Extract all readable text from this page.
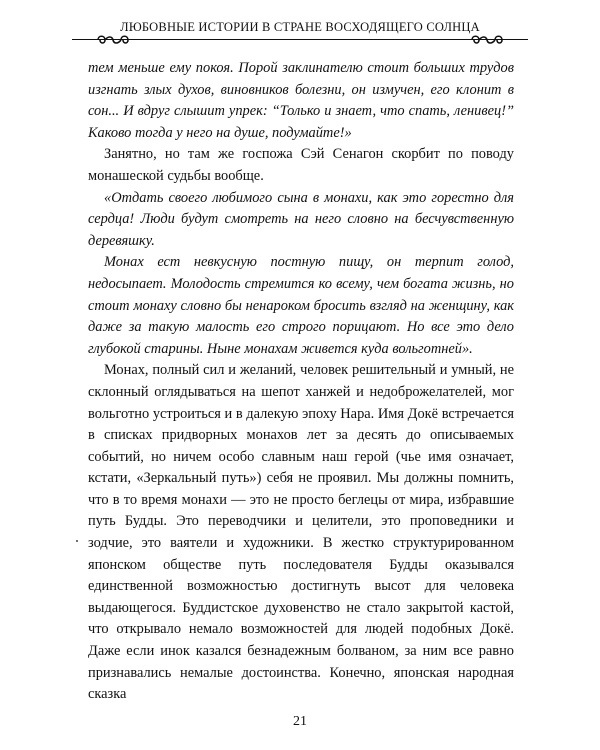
ЛЮБОВНЫЕ ИСТОРИИ В СТРАНЕ ВОСХОДЯЩЕГО СОЛНЦА

тем меньше ему покоя. Порой заклинателю стоит больших трудов изгнать злых духов, виновников болезни, он измучен, его клонит в сон... И вдруг слышит упрек: “Только и знает, что спать, ленивец!” Каково тогда у него на душе, подумайте!»

Занятно, но там же госпожа Сэй Сенагон скорбит по поводу монашеской судьбы вообще.

«Отдать своего любимого сына в монахи, как это горестно для сердца! Люди будут смотреть на него словно на бесчувственную деревяшку.

Монах ест невкусную постную пищу, он терпит голод, недосыпает. Молодость стремится ко всему, чем богата жизнь, но стоит монаху словно бы ненароком бросить взгляд на женщину, как даже за такую малость его строго порицают. Но все это дело глубокой старины. Ныне монахам живется куда вольготней».

Монах, полный сил и желаний, человек решительный и умный, не склонный оглядываться на шепот ханжей и недоброжелателей, мог вольготно устроиться и в далекую эпоху Нара. Имя Докё встречается в списках придворных монахов лет за десять до описываемых событий, но ничем особо славным наш герой (чье имя означает, кстати, «Зеркальный путь») себя не проявил. Мы должны помнить, что в то время монахи — это не просто беглецы от мира, избравшие путь Будды. Это переводчики и целители, это проповедники и зодчие, это ваятели и художники. В жестко структурированном японском обществе путь последователя Будды оказывался единственной возможностью достигнуть высот для человека выдающегося. Буддистское духовенство не стало закрытой кастой, что открывало немало возможностей для людей подобных Докё. Даже если инок казался безнадежным болваном, за ним все равно признавались немалые достоинства. Конечно, японская народная сказка

21
